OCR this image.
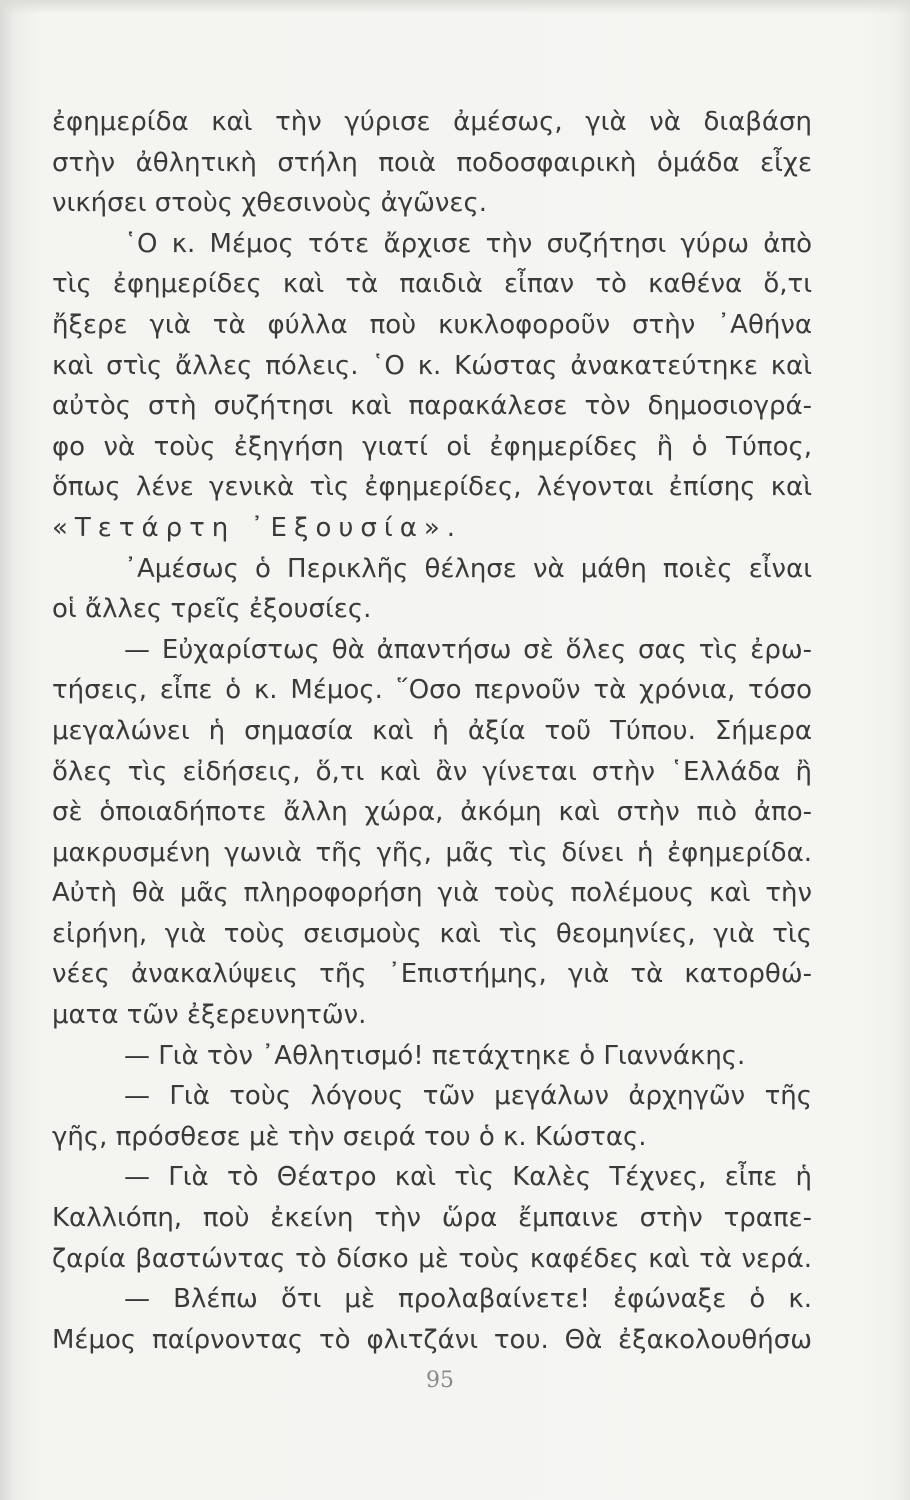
ἐφημερίδα καὶ τὴν γύρισε ἀμέσως, γιὰ νὰ διαβάση
στὴν ἀθλητικὴ στήλη ποιὰ ποδοσφαιρικὴ ὁμάδα εἶχε
νικήσει στοὺς χθεσινοὺς ἀγῶνες.
῾Ο κ. Μέμος τότε ἄρχισε τὴν συζήτησι γύρω ἀπὸ
τὶς ἐφημερίδες καὶ τὰ παιδιὰ εἶπαν τὸ καθένα ὅ,τι
ἤξερε γιὰ τὰ φύλλα ποὺ κυκλοφοροῦν στὴν ᾿Αθήνα
καὶ στὶς ἄλλες πόλεις. ῾Ο κ. Κώστας ἀνακατεύτηκε καὶ
αὐτὸς στὴ συζήτησι καὶ παρακάλεσε τὸν δημοσιογρά-
φο νὰ τοὺς ἐξηγήση γιατί οἱ ἐφημερίδες ἢ ὁ Τύπος,
ὅπως λένε γενικὰ τὶς ἐφημερίδες, λέγονται ἐπίσης καὶ
«Τετάρτη ᾿Εξουσία».
᾿Αμέσως ὁ Περικλῆς θέλησε νὰ μάθη ποιὲς εἶναι
οἱ ἄλλες τρεῖς ἐξουσίες.
— Εὐχαρίστως θὰ ἀπαντήσω σὲ ὅλες σας τὶς ἐρω-
τήσεις, εἶπε ὁ κ. Μέμος. ῞Οσο περνοῦν τὰ χρόνια, τόσο
μεγαλώνει ἡ σημασία καὶ ἡ ἀξία τοῦ Τύπου. Σήμερα
ὅλες τὶς εἰδήσεις, ὅ,τι καὶ ἂν γίνεται στὴν ῾Ελλάδα ἢ
σὲ ὁποιαδήποτε ἄλλη χώρα, ἀκόμη καὶ στὴν πιὸ ἀπο-
μακρυσμένη γωνιὰ τῆς γῆς, μᾶς τὶς δίνει ἡ ἐφημερίδα.
Αὐτὴ θὰ μᾶς πληροφορήση γιὰ τοὺς πολέμους καὶ τὴν
εἰρήνη, γιὰ τοὺς σεισμοὺς καὶ τὶς θεομηνίες, γιὰ τὶς
νέες ἀνακαλύψεις τῆς ᾿Επιστήμης, γιὰ τὰ κατορθώ-
ματα τῶν ἐξερευνητῶν.
— Γιὰ τὸν ᾿Αθλητισμό! πετάχτηκε ὁ Γιαννάκης.
— Γιὰ τοὺς λόγους τῶν μεγάλων ἀρχηγῶν τῆς
γῆς, πρόσθεσε μὲ τὴν σειρά του ὁ κ. Κώστας.
— Γιὰ τὸ Θέατρο καὶ τὶς Καλὲς Τέχνες, εἶπε ἡ
Καλλιόπη, ποὺ ἐκείνη τὴν ὥρα ἔμπαινε στὴν τραπε-
ζαρία βαστώντας τὸ δίσκο μὲ τοὺς καφέδες καὶ τὰ νερά.
— Βλέπω ὅτι μὲ προλαβαίνετε! ἐφώναξε ὁ κ.
Μέμος παίρνοντας τὸ φλιτζάνι του. Θὰ ἐξακολουθήσω
95
